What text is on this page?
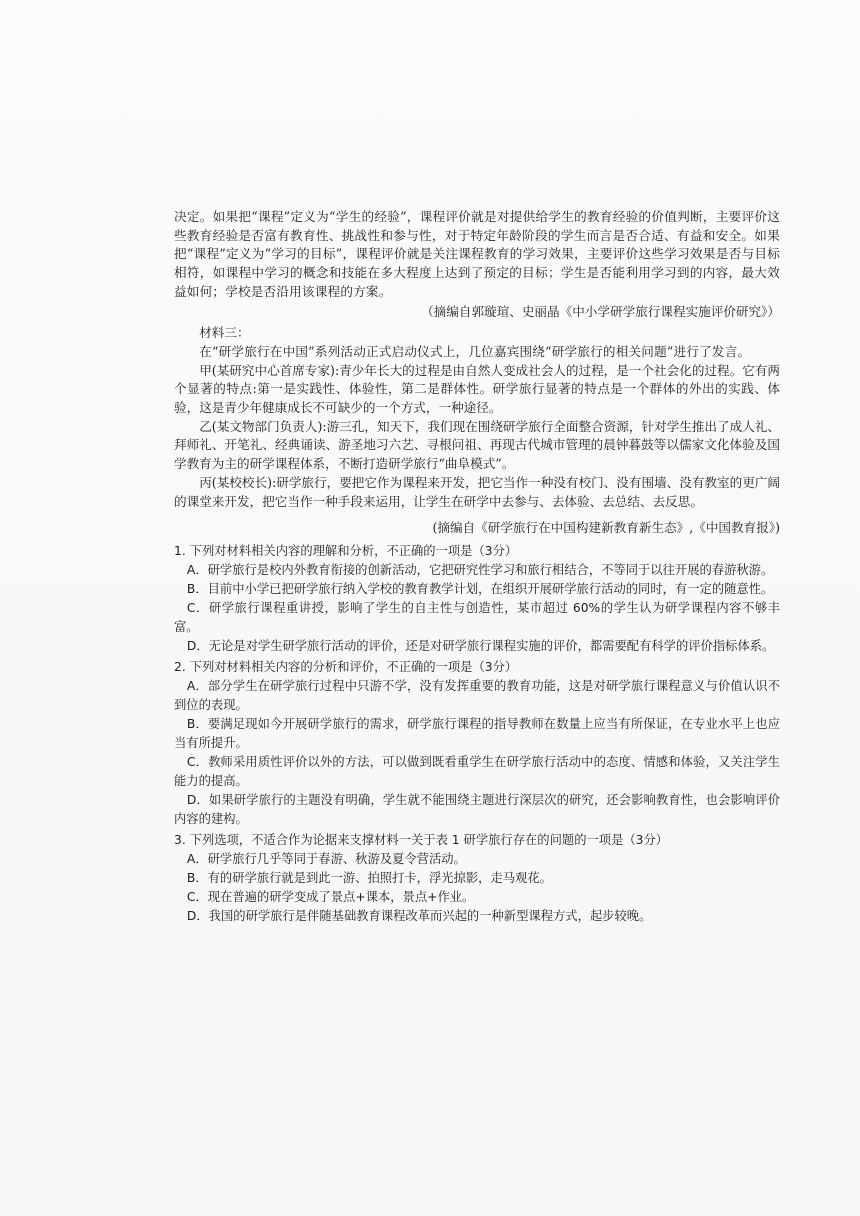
决定。如果把“课程”定义为“学生的经验”，课程评价就是对提供给学生的教育经验的价值判断，主要评价这些教育经验是否富有教育性、挑战性和参与性，对于特定年龄阶段的学生而言是否合适、有益和安全。如果把“课程”定义为“学习的目标”，课程评价就是关注课程教育的学习效果，主要评价这些学习效果是否与目标相符，如课程中学习的概念和技能在多大程度上达到了预定的目标；学生是否能利用学习到的内容，最大效益如何；学校是否沿用该课程的方案。

（摘编自郭璇瑄、史丽晶《中小学研学旅行课程实施评价研究》）

材料三：

在“研学旅行在中国”系列活动正式启动仪式上，几位嘉宾围绕“研学旅行的相关问题”进行了发言。

甲(某研究中心首席专家):青少年长大的过程是由自然人变成社会人的过程，是一个社会化的过程。它有两个显著的特点:第一是实践性、体验性，第二是群体性。研学旅行显著的特点是一个群体的外出的实践、体验，这是青少年健康成长不可缺少的一个方式，一种途径。

乙(某文物部门负责人):游三孔，知天下，我们现在围绕研学旅行全面整合资源，针对学生推出了成人礼、拜师礼、开笔礼、经典诵读、游圣地习六艺、寻根问祖、再现古代城市管理的晨钟暮鼓等以儒家文化体验及国学教育为主的研学课程体系，不断打造研学旅行“曲阜模式”。

丙(某校校长):研学旅行，要把它作为课程来开发，把它当作一种没有校门、没有围墙、没有教室的更广阔的课堂来开发，把它当作一种手段来运用，让学生在研学中去参与、去体验、去总结、去反思。

(摘编自《研学旅行在中国构建新教育新生态》,《中国教育报》)

1. 下列对材料相关内容的理解和分析，不正确的一项是（3分）

A．研学旅行是校内外教育衔接的创新活动，它把研究性学习和旅行相结合，不等同于以往开展的春游秋游。

B．目前中小学已把研学旅行纳入学校的教育教学计划，在组织开展研学旅行活动的同时，有一定的随意性。

C．研学旅行课程重讲授，影响了学生的自主性与创造性，某市超过 60%的学生认为研学课程内容不够丰富。

D．无论是对学生研学旅行活动的评价，还是对研学旅行课程实施的评价，都需要配有科学的评价指标体系。

2. 下列对材料相关内容的分析和评价，不正确的一项是（3分）

A．部分学生在研学旅行过程中只游不学，没有发挥重要的教育功能，这是对研学旅行课程意义与价值认识不到位的表现。

B．要满足现如今开展研学旅行的需求，研学旅行课程的指导教师在数量上应当有所保证，在专业水平上也应当有所提升。

C．教师采用质性评价以外的方法，可以做到既看重学生在研学旅行活动中的态度、情感和体验，又关注学生能力的提高。

D．如果研学旅行的主题没有明确，学生就不能围绕主题进行深层次的研究，还会影响教育性，也会影响评价内容的建构。

3. 下列选项，不适合作为论据来支撑材料一关于表 1 研学旅行存在的问题的一项是（3分）

A．研学旅行几乎等同于春游、秋游及夏令营活动。

B．有的研学旅行就是到此一游、拍照打卡，浮光掠影，走马观花。

C．现在普遍的研学变成了景点+课本，景点+作业。

D．我国的研学旅行是伴随基础教育课程改革而兴起的一种新型课程方式，起步较晚。
